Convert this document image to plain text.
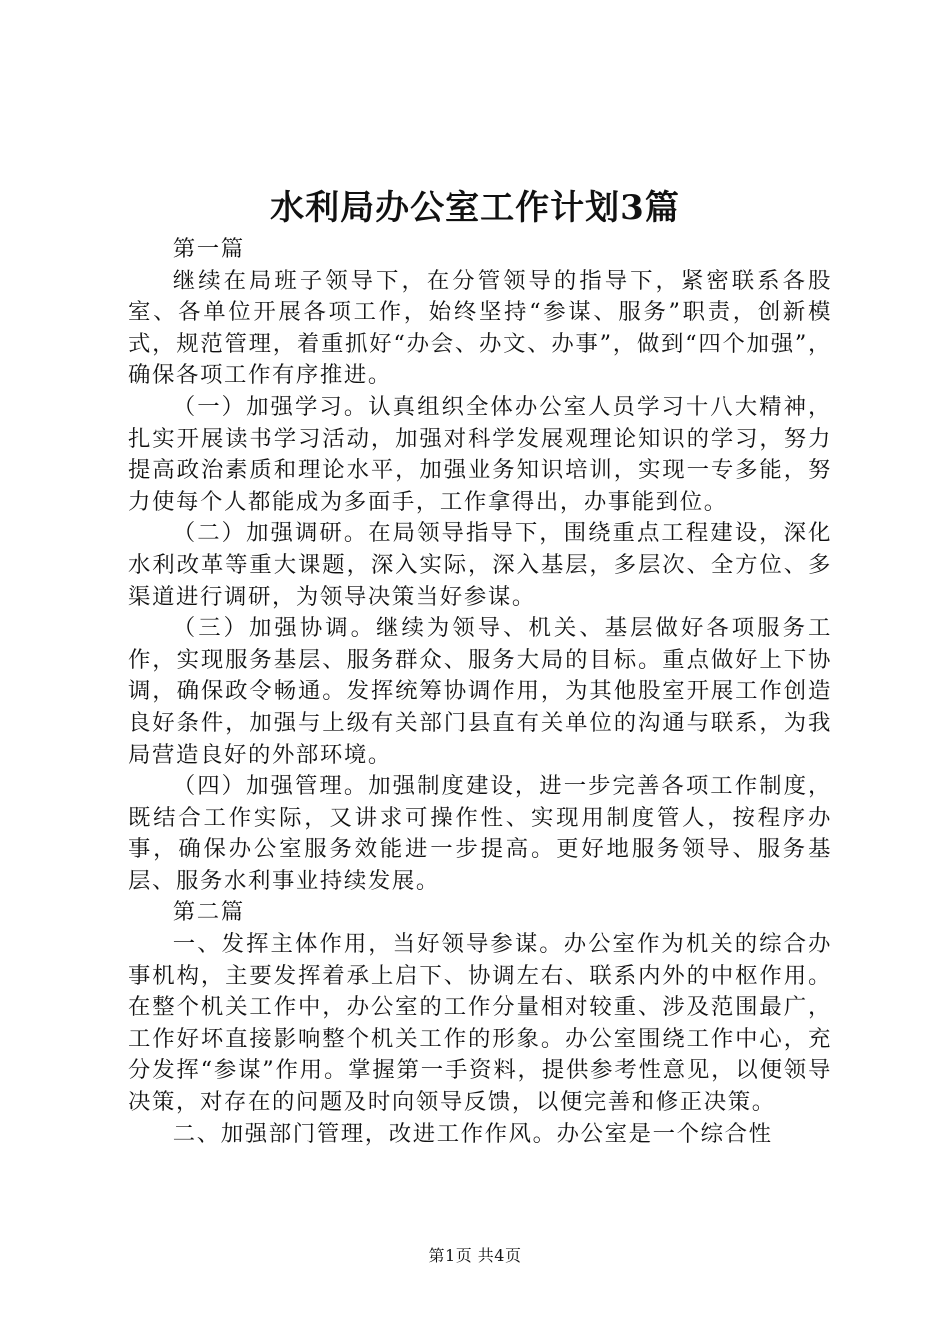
水利局办公室工作计划3篇

第一篇

继续在局班子领导下，在分管领导的指导下，紧密联系各股室、各单位开展各项工作，始终坚持“参谋、服务”职责，创新模式，规范管理，着重抓好“办会、办文、办事”，做到“四个加强”，确保各项工作有序推进。

（一）加强学习。认真组织全体办公室人员学习十八大精神，扎实开展读书学习活动，加强对科学发展观理论知识的学习，努力提高政治素质和理论水平，加强业务知识培训，实现一专多能，努力使每个人都能成为多面手，工作拿得出，办事能到位。

（二）加强调研。在局领导指导下，围绕重点工程建设，深化水利改革等重大课题，深入实际，深入基层，多层次、全方位、多渠道进行调研，为领导决策当好参谋。

（三）加强协调。继续为领导、机关、基层做好各项服务工作，实现服务基层、服务群众、服务大局的目标。重点做好上下协调，确保政令畅通。发挥统筹协调作用，为其他股室开展工作创造良好条件，加强与上级有关部门县直有关单位的沟通与联系，为我局营造良好的外部环境。

（四）加强管理。加强制度建设，进一步完善各项工作制度，既结合工作实际，又讲求可操作性、实现用制度管人，按程序办事，确保办公室服务效能进一步提高。更好地服务领导、服务基层、服务水利事业持续发展。

第二篇

一、发挥主体作用，当好领导参谋。办公室作为机关的综合办事机构，主要发挥着承上启下、协调左右、联系内外的中枢作用。在整个机关工作中，办公室的工作分量相对较重、涉及范围最广，工作好坏直接影响整个机关工作的形象。办公室围绕工作中心，充分发挥“参谋”作用。掌握第一手资料，提供参考性意见，以便领导决策，对存在的问题及时向领导反馈，以便完善和修正决策。

二、加强部门管理，改进工作作风。办公室是一个综合性

第1页 共4页
